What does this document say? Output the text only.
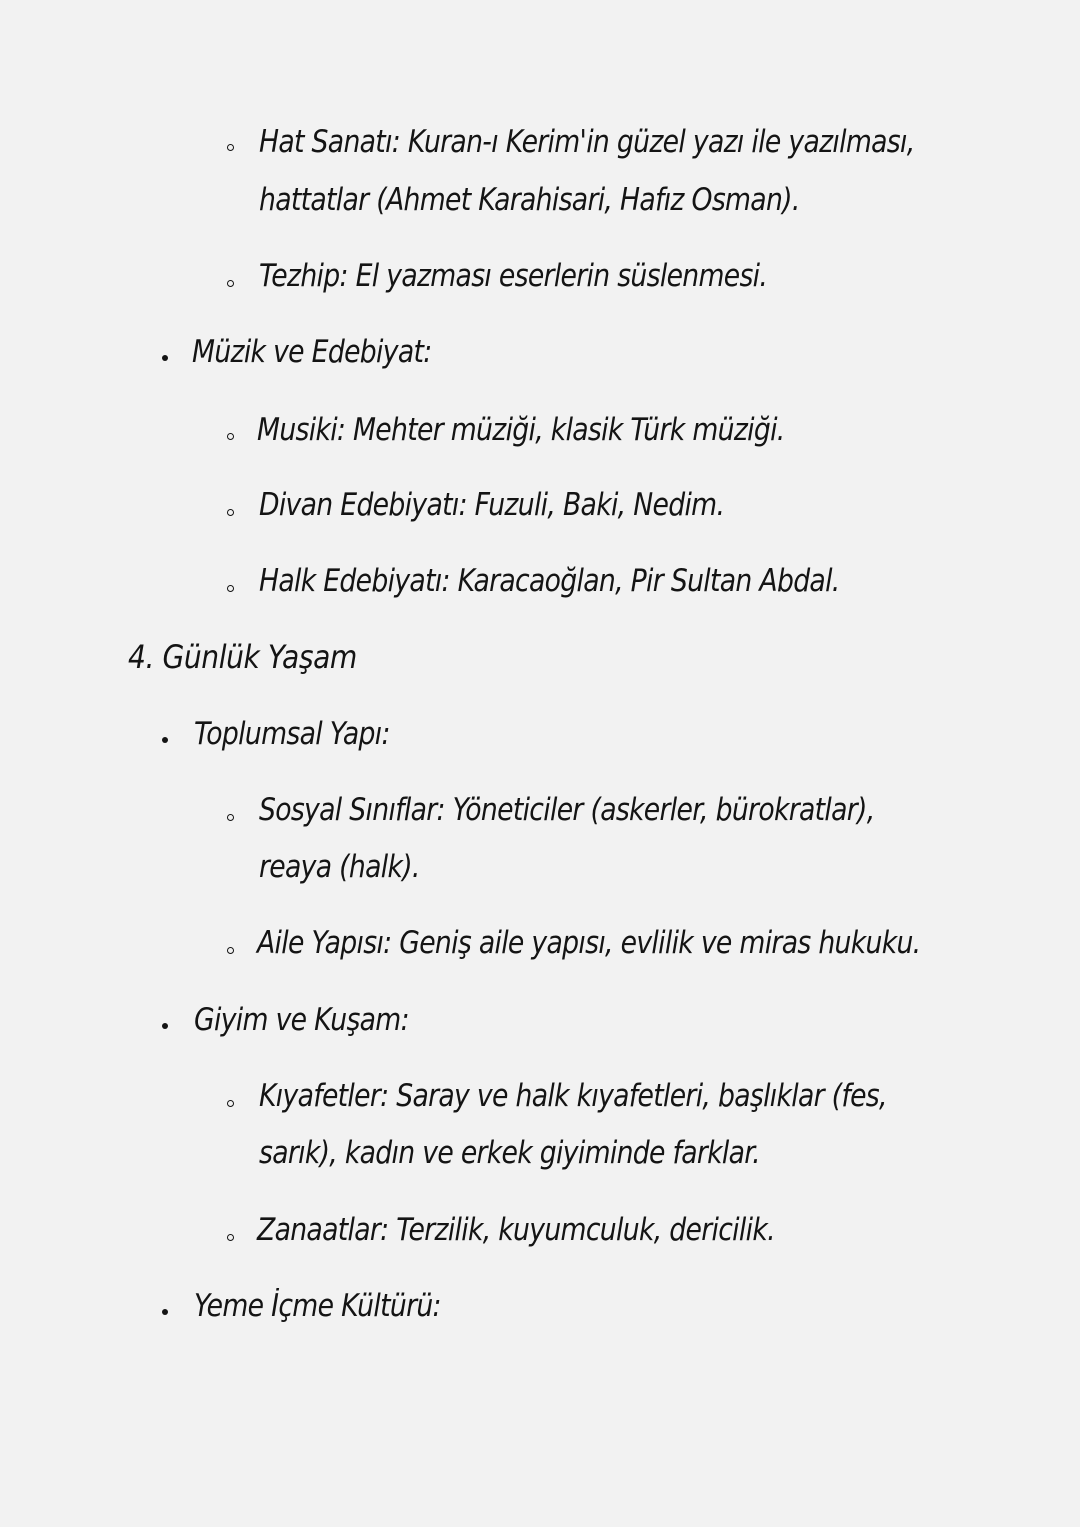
Hat Sanatı: Kuran-ı Kerim'in güzel yazı ile yazılması,
hattatlar (Ahmet Karahisari, Hafız Osman).
Tezhip: El yazması eserlerin süslenmesi.
Müzik ve Edebiyat:
Musiki: Mehter müziği, klasik Türk müziği.
Divan Edebiyatı: Fuzuli, Baki, Nedim.
Halk Edebiyatı: Karacaoğlan, Pir Sultan Abdal.
4. Günlük Yaşam
Toplumsal Yapı:
Sosyal Sınıflar: Yöneticiler (askerler, bürokratlar),
reaya (halk).
Aile Yapısı: Geniş aile yapısı, evlilik ve miras hukuku.
Giyim ve Kuşam:
Kıyafetler: Saray ve halk kıyafetleri, başlıklar (fes,
sarık), kadın ve erkek giyiminde farklar.
Zanaatlar: Terzilik, kuyumculuk, dericilik.
Yeme İçme Kültürü:
